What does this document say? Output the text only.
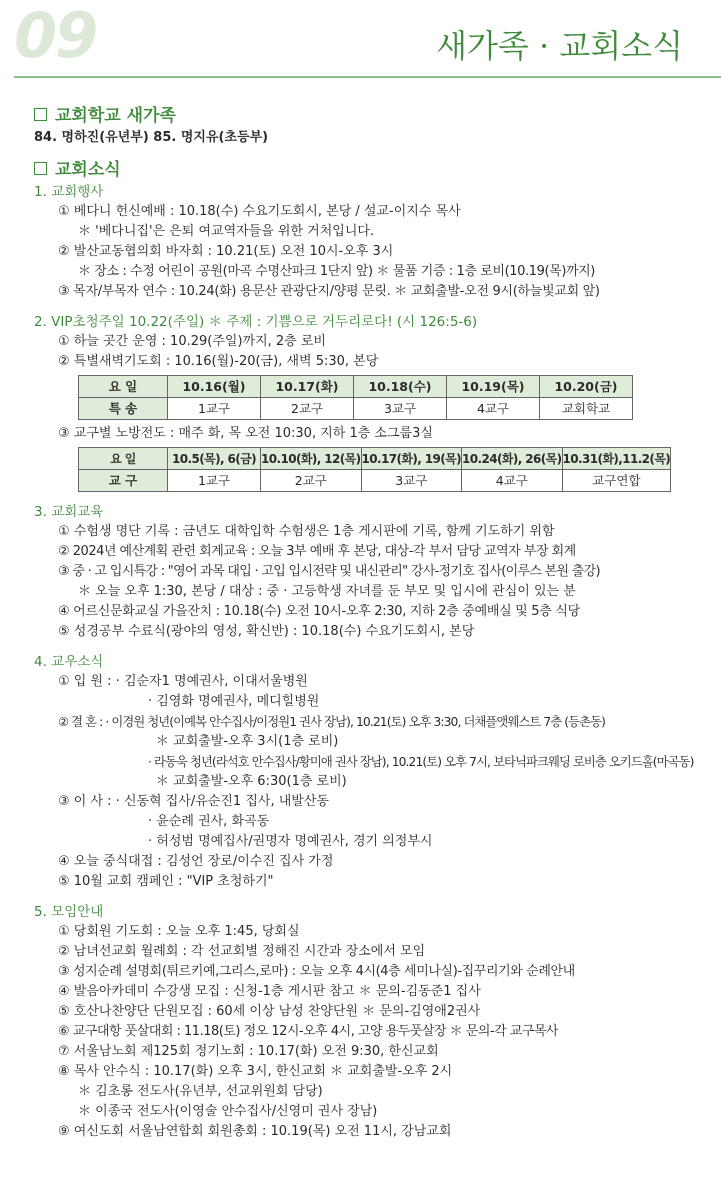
09	새가족 · 교회소식
교회학교 새가족
84. 명하진(유년부) 85. 명지유(초등부)
교회소식
1. 교회행사
① 베다니 헌신예배 : 10.18(수) 수요기도회시, 본당 / 설교-이지수 목사
＊ '베다니집'은 은퇴 여교역자들을 위한 거처입니다.
② 발산교동협의회 바자회 : 10.21(토) 오전 10시-오후 3시
＊ 장소 : 수정 어린이 공원(마곡 수명산파크 1단지 앞) ＊ 물품 기증 : 1층 로비(10.19(목)까지)
③ 목자/부목자 연수 : 10.24(화) 용문산 관광단지/양평 문릿. ＊ 교회출발-오전 9시(하늘빛교회 앞)
2. VIP초청주일 10.22(주일) ＊ 주제 : 기쁨으로 거두리로다! (시 126:5-6)
① 하늘 곳간 운영 : 10.29(주일)까지, 2층 로비
② 특별새벽기도회 : 10.16(월)-20(금), 새벽 5:30, 본당
요 일	10.16(월)	10.17(화)	10.18(수)	10.19(목)	10.20(금)
특 송	1교구	2교구	3교구	4교구	교회학교
③ 교구별 노방전도 : 매주 화, 목 오전 10:30, 지하 1층 소그룹3실
요 일	10.5(목), 6(금)	10.10(화), 12(목)	10.17(화), 19(목)	10.24(화), 26(목)	10.31(화),11.2(목)
교 구	1교구	2교구	3교구	4교구	교구연합
3. 교회교육
① 수험생 명단 기록 : 금년도 대학입학 수험생은 1층 게시판에 기록, 함께 기도하기 위함
② 2024년 예산계획 관련 회계교육 : 오늘 3부 예배 후 본당, 대상-각 부서 담당 교역자 부장 회계
③ 중 · 고 입시특강 : "영어 과목 대입 · 고입 입시전략 및 내신관리" 강사-정기호 집사(이루스 본원 출강)
＊ 오늘 오후 1:30, 본당 / 대상 : 중 · 고등학생 자녀를 둔 부모 및 입시에 관심이 있는 분
④ 어르신문화교실 가을잔치 : 10.18(수) 오전 10시-오후 2:30, 지하 2층 중예배실 및 5층 식당
⑤ 성경공부 수료식(광야의 영성, 확신반) : 10.18(수) 수요기도회시, 본당
4. 교우소식
① 입 원 : · 김순자1 명예권사, 이대서울병원
· 김영화 명예권사, 메디힐병원
② 결 혼 : · 이경원 청년(이예복 안수집사/이정원1 권사 장남), 10.21(토) 오후 3:30, 더채플앳웨스트 7층 (등촌동)
＊ 교회출발-오후 3시(1층 로비)
· 라동욱 청년(라석호 안수집사/황미애 권사 장남), 10.21(토) 오후 7시, 보타닉파크웨딩 로비층 오키드홀(마곡동)
＊ 교회출발-오후 6:30(1층 로비)
③ 이 사 : · 신동혁 집사/유순진1 집사, 내발산동
· 윤순례 권사, 화곡동
· 허성범 명예집사/권명자 명예권사, 경기 의정부시
④ 오늘 중식대접 : 김성언 장로/이수진 집사 가정
⑤ 10월 교회 캠페인 : "VIP 초청하기"
5. 모임안내
① 당회원 기도회 : 오늘 오후 1:45, 당회실
② 남녀선교회 월례회 : 각 선교회별 정해진 시간과 장소에서 모임
③ 성지순례 설명회(튀르키예,그리스,로마) : 오늘 오후 4시(4층 세미나실)-집꾸리기와 순례안내
④ 발음아카데미 수강생 모집 : 신청-1층 게시판 참고 ＊ 문의-김동준1 집사
⑤ 호산나찬양단 단원모집 : 60세 이상 남성 찬양단원 ＊ 문의-김영애2권사
⑥ 교구대항 풋살대회 : 11.18(토) 정오 12시-오후 4시, 고양 용두풋살장 ＊ 문의-각 교구목사
⑦ 서울남노회 제125회 정기노회 : 10.17(화) 오전 9:30, 한신교회
⑧ 목사 안수식 : 10.17(화) 오후 3시, 한신교회 ＊ 교회출발-오후 2시
＊ 김초롱 전도사(유년부, 선교위원회 담당)
＊ 이종국 전도사(이영술 안수집사/신영미 권사 장남)
⑨ 여신도회 서울남연합회 회원총회 : 10.19(목) 오전 11시, 강남교회
